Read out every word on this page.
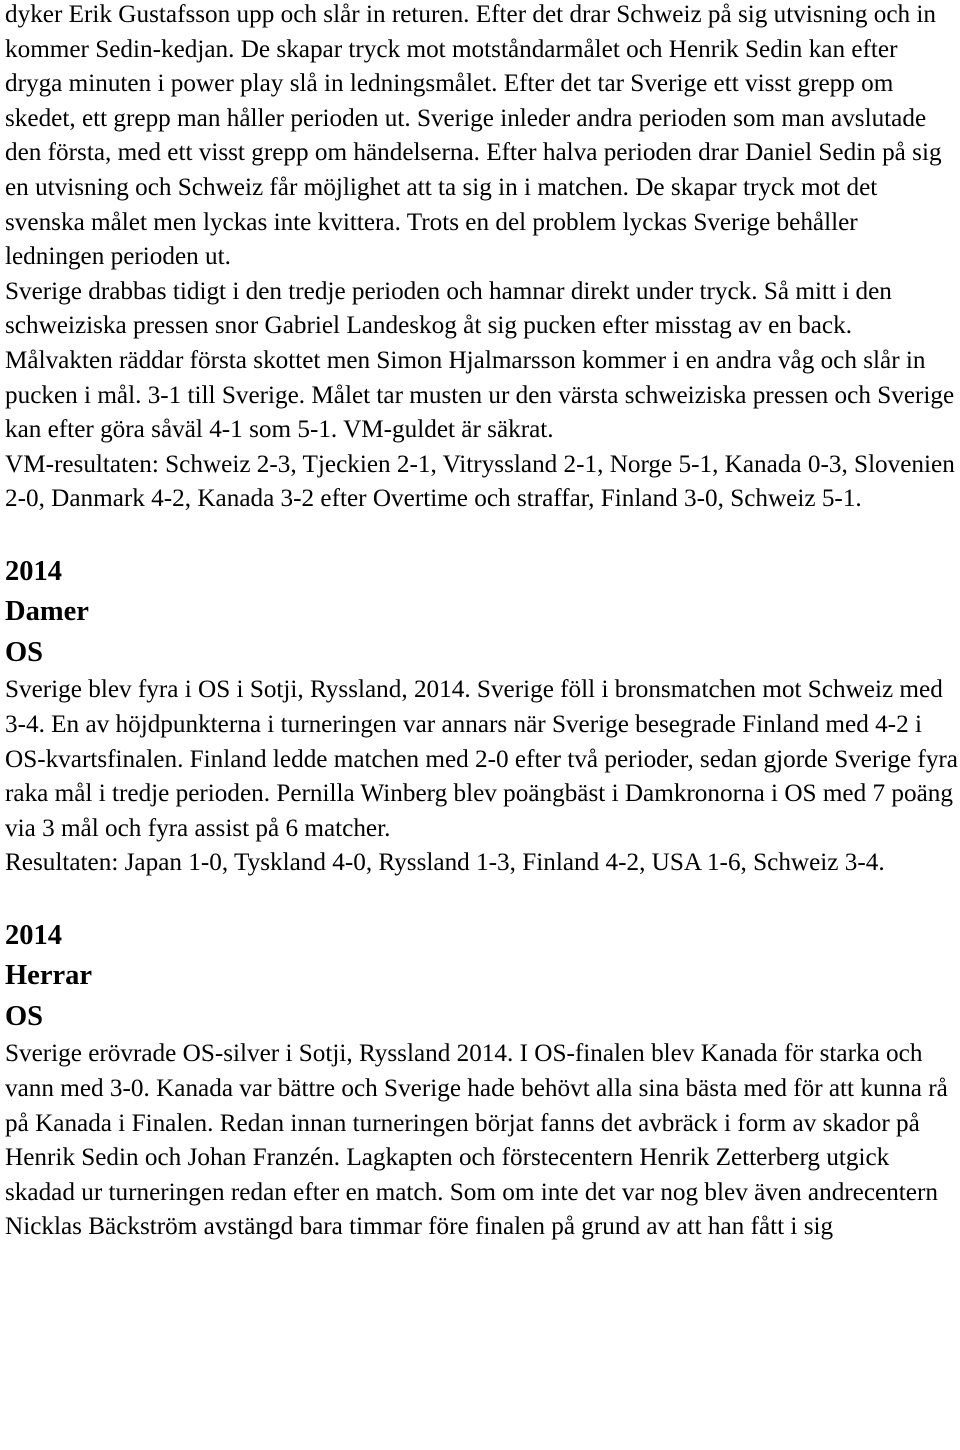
dyker Erik Gustafsson upp och slår in returen. Efter det drar Schweiz på sig utvisning och in kommer Sedin-kedjan. De skapar tryck mot motståndarmålet och Henrik Sedin kan efter dryga minuten i power play slå in ledningsmålet. Efter det tar Sverige ett visst grepp om skedet, ett grepp man håller perioden ut. Sverige inleder andra perioden som man avslutade den första, med ett visst grepp om händelserna. Efter halva perioden drar Daniel Sedin på sig en utvisning och Schweiz får möjlighet att ta sig in i matchen. De skapar tryck mot det svenska målet men lyckas inte kvittera. Trots en del problem lyckas Sverige behåller ledningen perioden ut.

Sverige drabbas tidigt i den tredje perioden och hamnar direkt under tryck. Så mitt i den schweiziska pressen snor Gabriel Landeskog åt sig pucken efter misstag av en back. Målvakten räddar första skottet men Simon Hjalmarsson kommer i en andra våg och slår in pucken i mål. 3-1 till Sverige. Målet tar musten ur den värsta schweiziska pressen och Sverige kan efter göra såväl 4-1 som 5-1. VM-guldet är säkrat.

VM-resultaten: Schweiz 2-3, Tjeckien 2-1, Vitryssland 2-1, Norge 5-1, Kanada 0-3, Slovenien 2-0, Danmark 4-2, Kanada 3-2 efter Overtime och straffar, Finland 3-0, Schweiz 5-1.

2014

Damer

OS

Sverige blev fyra i OS i Sotji, Ryssland, 2014. Sverige föll i bronsmatchen mot Schweiz med 3-4. En av höjdpunkterna i turneringen var annars när Sverige besegrade Finland med 4-2 i OS-kvartsfinalen. Finland ledde matchen med 2-0 efter två perioder, sedan gjorde Sverige fyra raka mål i tredje perioden. Pernilla Winberg blev poängbäst i Damkronorna i OS med 7 poäng via 3 mål och fyra assist på 6 matcher.

Resultaten: Japan 1-0, Tyskland 4-0, Ryssland 1-3, Finland 4-2, USA 1-6, Schweiz 3-4.

2014

Herrar

OS

Sverige erövrade OS-silver i Sotji, Ryssland 2014. I OS-finalen blev Kanada för starka och vann med 3-0. Kanada var bättre och Sverige hade behövt alla sina bästa med för att kunna rå på Kanada i Finalen. Redan innan turneringen börjat fanns det avbräck i form av skador på Henrik Sedin och Johan Franzén. Lagkapten och förstecentern Henrik Zetterberg utgick skadad ur turneringen redan efter en match. Som om inte det var nog blev även andrecentern Nicklas Bäckström avstängd bara timmar före finalen på grund av att han fått i sig
